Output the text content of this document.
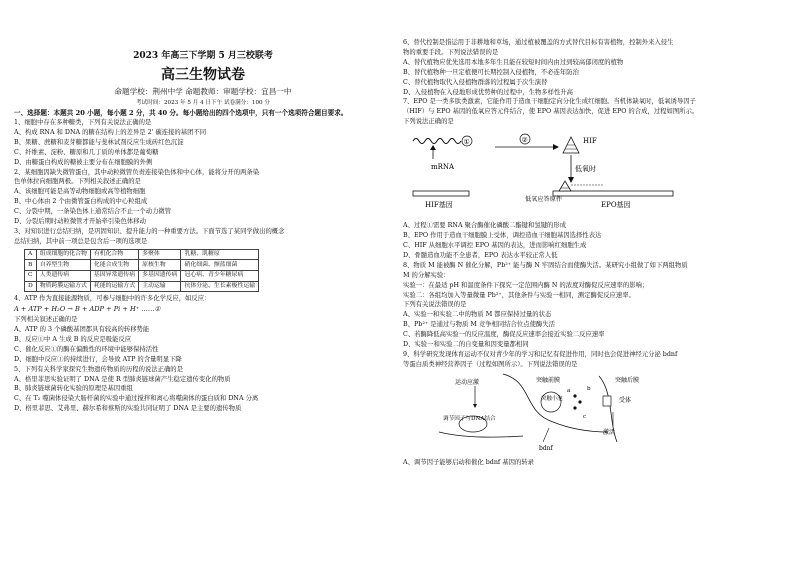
2023 年高三下学期 5 月三校联考
高三生物试卷
命题学校：荆州中学 命题教师：审题学校：宜昌一中
考试时间：2023 年 5 月 4 日下午 试卷满分：100 分
一、选择题：本题共 20 小题，每小题 2 分，共 40 分。每小题给出的四个选项中，只有一个选项符合题目要求。
1、细胞中存在多种糖类，下列有关说法正确的是
A、构成 RNA 和 DNA 的糖在结构上的差异是 2' 碳连接的基团不同
B、果糖、蔗糖和麦芽糖都能与斐林试剂反应生成砖红色沉淀
C、纤维素、淀粉、糖原和几丁质的单体都是葡萄糖
D、由糖蛋白构成的糖被主要分布在细胞膜的外侧
2、某细胞因缺失微管蛋白，其中动粒微管负责连接染色体和中心体，能将分开的两条染
色单体拉向细胞两极。下列相关叙述正确的是
A、该细胞可能是高等动物细胞或高等植物细胞
B、中心体由 2 个由微管蛋白构成的中心粒组成
C、分裂中期，一条染色体上通常结合不止一个动力微管
D、分裂后期时动粒微管才开始牵引染色体移动
3、对知识进行总结归纳，是巩固知识、提升能力的一种重要方法。下面节选了某同学做出的概念
总结归纳，其中前一项总是包含后一项的选项是
A	组成细胞的化合物	有机化合物	多聚体	乳糖、肌糖原
B	自养型生物	化能合成生物	原核生物	硝化细菌、颤蓝细菌
C	人类遗传病	基因异常遗传病	多基因遗传病	冠心病、青少年糖尿病
D	物质跨膜运输方式	耗能的运输方式	主动运输	抗体分泌、生长素极性运输
4、ATP 作为直接能源物质，可参与细胞中的许多化学反应，如反应：
A + ATP + H₂O → B + ADP + Pi + H⁺ ……①
下列相关叙述正确的是
A、ATP 的 3 个磷酸基团都具有较高的转移势能
B、反应①中 A 生成 B 的反应是吸能反应
C、催化反应①的酶在偏酸性的环境中能够保持活性
D、细胞中反应①的持续进行，会导致 ATP 的含量明显下降
5、下列有关科学家探究生物遗传物质的历程的说法正确的是
A、格里菲思实验证明了 DNA 是使 R 型肺炎链球菌产生稳定遗传变化的物质
B、肺炎链球菌转化实验的原理是基因重组
C、在 T₂ 噬菌体侵染大肠杆菌的实验中通过搅拌和离心将噬菌体的蛋白质和 DNA 分离
D、格里菲思、艾弗里、赫尔希和蔡斯的实验共同证明了 DNA 是主要的遗传物质
6、替代控制是指运用于非耕地和草场，通过植被覆盖的方式替代目标有害植物，控制外来入侵生
物的重要手段。下列说法错误的是
A、替代植物应优先选用本地多年生且能在较短时间内由过到较高郁闭度的植物
B、替代植物种一旦定植便可长期控制入侵植物，不必连年防治
C、替代植物取代入侵植物群落的过程属于次生演替
D、入侵植物在入侵地形成优势种的过程中，生物多样性升高
7、EPO 是一类多肽类激素，它能作用于造血干细胞定向分化生成红细胞。当机体缺氧时，低氧诱导因子
（HIF）与 EPO 基因的低氧应答元件结合，使 EPO 基因表达加快，促进 EPO 的合成，过程如图所示。
下列说法正确的是
①
mRNA
②	HIF
低氧时
HIF基因
低氧应答原件
EPO基因
A、过程①需要 RNA 聚合酶催化磷酸二酯键和氢键的形成
B、EPO 作用于造血干细胞膜上受体，调控造血干细胞基因选择性表达
C、HIF 从细胞水平调控 EPO 基因的表达，进而影响红细胞生成
D、骨髓造血功能不全患者，EPO 表达水平较正常人低
8、物质 M 能被酶 N 催化分解，Pb²⁺ 能与酶 N 牢固结合而使酶失活。某研究小组做了如下两组物质
M 的分解实验：
实验一：在最适 pH 和温度条件下探究一定范围内酶 N 的浓度对酶促反应速率的影响；
实验二：各组均加入等量微量 Pb²⁺，其他条件与实验一相同，测定酶促反应速率。
下列有关说法错误的是
A、实验一和实验二中的物质 M 都应保持过量的状态
B、Pb²⁺ 是通过与物质 M 竞争相同结合位点使酶失活
C、若酶降低高实验一的反应温度，酶促反应速率会接近实验二反应速率
D、实验一和实验二的自变量和因变量都相同
9、科学研究发现体育运动不仅对青少年的学习和记忆有促进作用，同时也会促进神经元分泌 bdnf
等蛋白质类神经营养因子（过程如图所示）。下列说法错误的是
运动应激
调节因子与DNA结合
突触前膜
突触小泡
a	b
c
bdnf
突触后膜
受体
激活
A、调节因子能够启动和催化 bdnf 基因的转录
